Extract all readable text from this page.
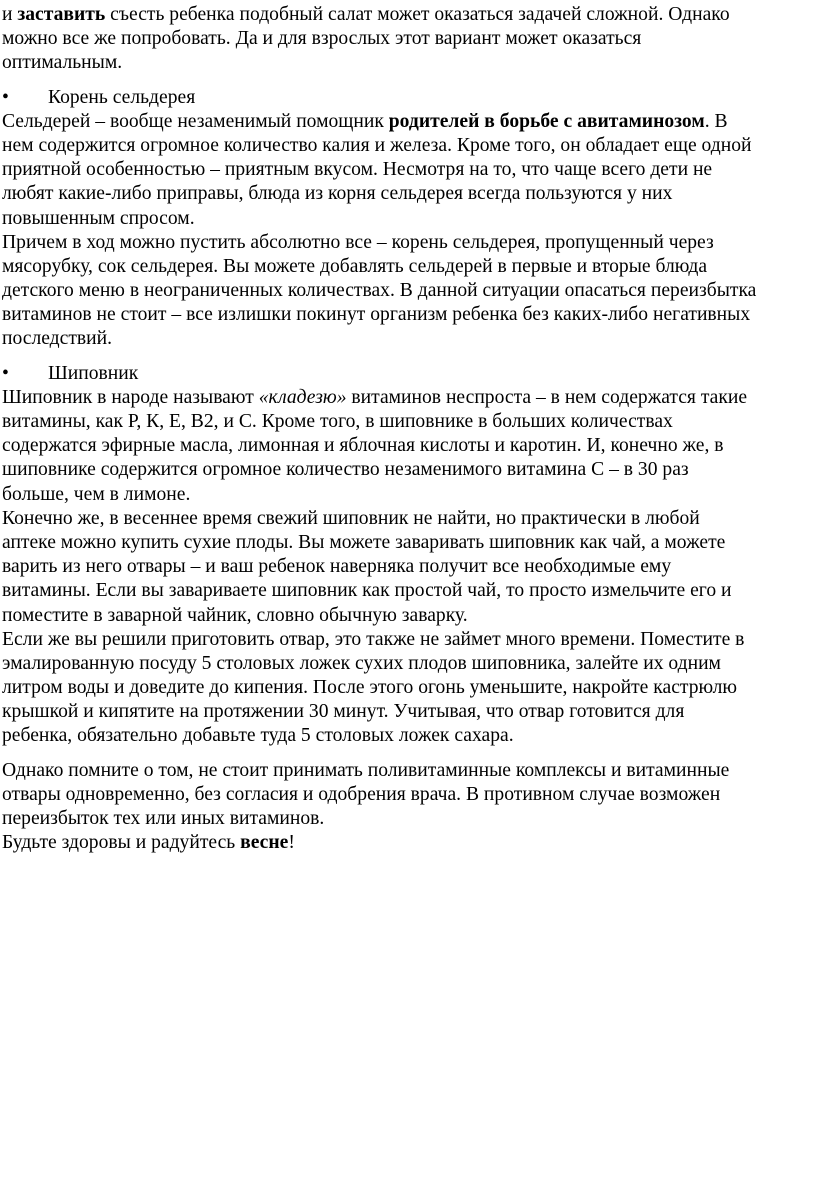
и заставить съесть ребенка подобный салат может оказаться задачей сложной. Однако
можно все же попробовать. Да и для взрослых этот вариант может оказаться
оптимальным.
• Корень сельдерея
Сельдерей – вообще незаменимый помощник родителей в борьбе с авитаминозом. В
нем содержится огромное количество калия и железа. Кроме того, он обладает еще одной
приятной особенностью – приятным вкусом. Несмотря на то, что чаще всего дети не
любят какие-либо приправы, блюда из корня сельдерея всегда пользуются у них
повышенным спросом.
Причем в ход можно пустить абсолютно все – корень сельдерея, пропущенный через
мясорубку, сок сельдерея. Вы можете добавлять сельдерей в первые и вторые блюда
детского меню в неограниченных количествах. В данной ситуации опасаться переизбытка
витаминов не стоит – все излишки покинут организм ребенка без каких-либо негативных
последствий.
• Шиповник
Шиповник в народе называют «кладезю» витаминов неспроста – в нем содержатся такие
витамины, как Р, К, Е, В2, и С. Кроме того, в шиповнике в больших количествах
содержатся эфирные масла, лимонная и яблочная кислоты и каротин. И, конечно же, в
шиповнике содержится огромное количество незаменимого витамина С – в 30 раз
больше, чем в лимоне.
Конечно же, в весеннее время свежий шиповник не найти, но практически в любой
аптеке можно купить сухие плоды. Вы можете заваривать шиповник как чай, а можете
варить из него отвары – и ваш ребенок наверняка получит все необходимые ему
витамины. Если вы завариваете шиповник как простой чай, то просто измельчите его и
поместите в заварной чайник, словно обычную заварку.
Если же вы решили приготовить отвар, это также не займет много времени. Поместите в
эмалированную посуду 5 столовых ложек сухих плодов шиповника, залейте их одним
литром воды и доведите до кипения. После этого огонь уменьшите, накройте кастрюлю
крышкой и кипятите на протяжении 30 минут. Учитывая, что отвар готовится для
ребенка, обязательно добавьте туда 5 столовых ложек сахара.
Однако помните о том, не стоит принимать поливитаминные комплексы и витаминные
отвары одновременно, без согласия и одобрения врача. В противном случае возможен
переизбыток тех или иных витаминов.
Будьте здоровы и радуйтесь весне!
